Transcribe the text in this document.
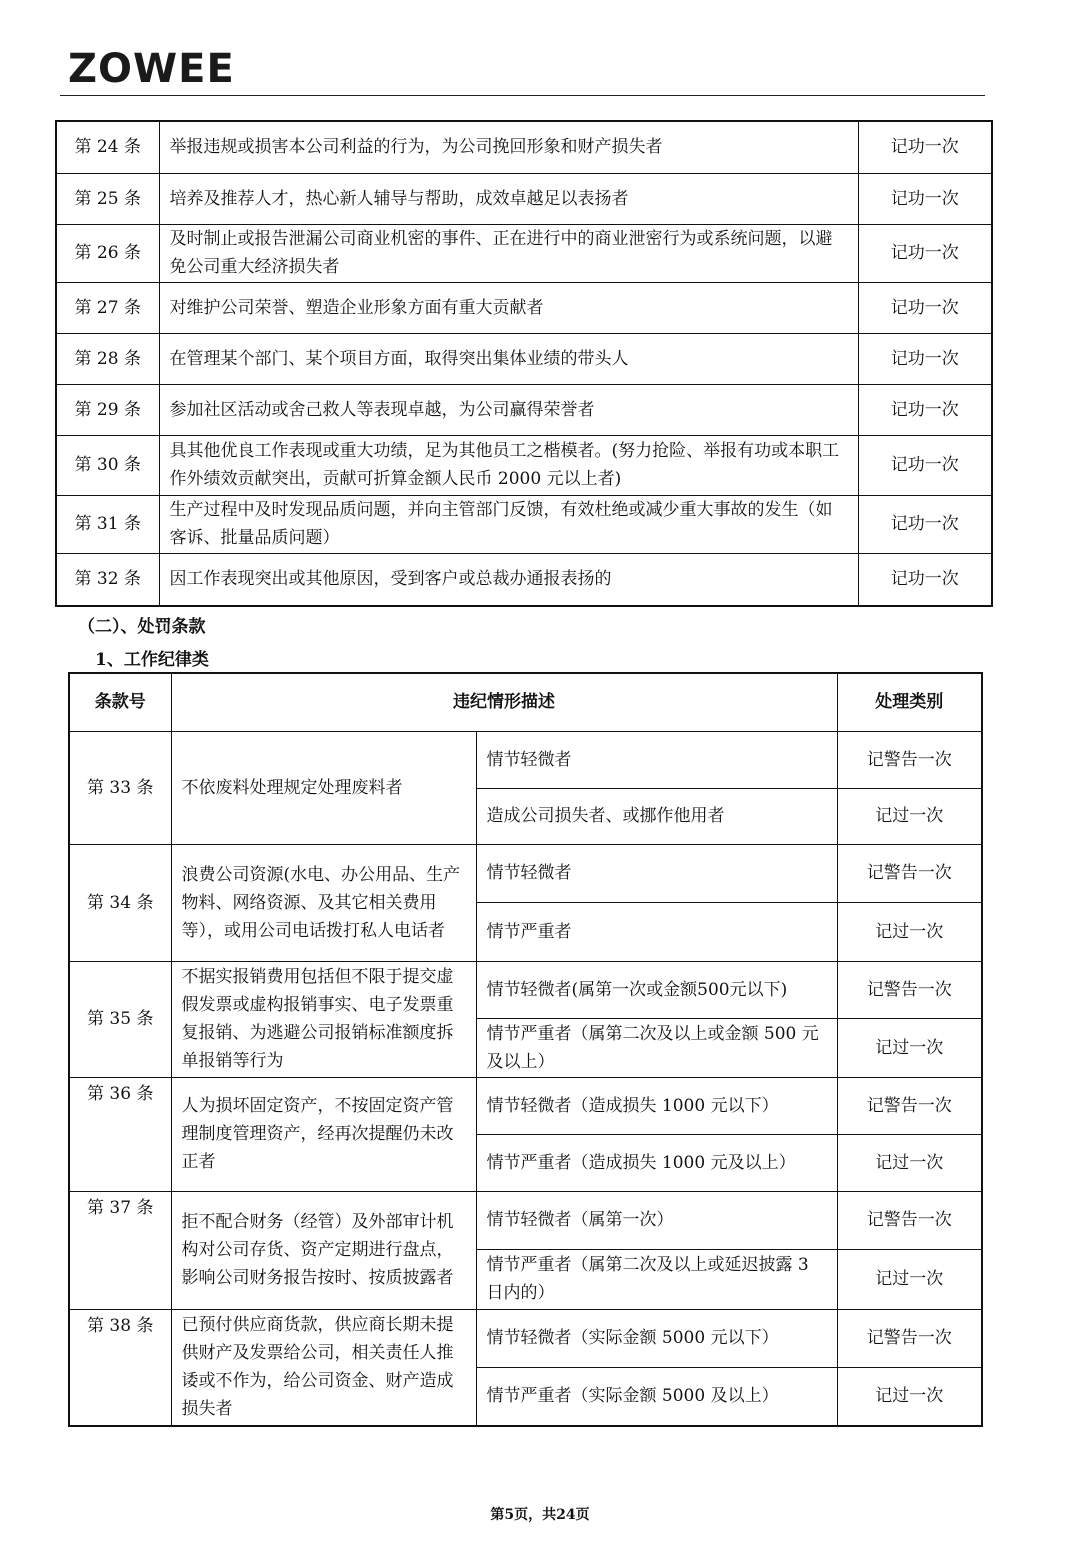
ZOWEE
第 24 条	举报违规或损害本公司利益的行为，为公司挽回形象和财产损失者	记功一次
第 25 条	培养及推荐人才，热心新人辅导与帮助，成效卓越足以表扬者	记功一次
第 26 条	及时制止或报告泄漏公司商业机密的事件、正在进行中的商业泄密行为或系统问题，以避免公司重大经济损失者	记功一次
第 27 条	对维护公司荣誉、塑造企业形象方面有重大贡献者	记功一次
第 28 条	在管理某个部门、某个项目方面，取得突出集体业绩的带头人	记功一次
第 29 条	参加社区活动或舍己救人等表现卓越，为公司赢得荣誉者	记功一次
第 30 条	具其他优良工作表现或重大功绩，足为其他员工之楷模者。(努力抢险、举报有功或本职工作外绩效贡献突出，贡献可折算金额人民币 2000 元以上者)	记功一次
第 31 条	生产过程中及时发现品质问题，并向主管部门反馈，有效杜绝或减少重大事故的发生（如客诉、批量品质问题）	记功一次
第 32 条	因工作表现突出或其他原因，受到客户或总裁办通报表扬的	记功一次
（二）、处罚条款
1、工作纪律类
条款号	违纪情形描述		处理类别
第 33 条	不依废料处理规定处理废料者	情节轻微者	记警告一次
		造成公司损失者、或挪作他用者	记过一次
第 34 条	浪费公司资源(水电、办公用品、生产物料、网络资源、及其它相关费用等），或用公司电话拨打私人电话者	情节轻微者	记警告一次
		情节严重者	记过一次
第 35 条	不据实报销费用包括但不限于提交虚假发票或虚构报销事实、电子发票重复报销、为逃避公司报销标准额度拆单报销等行为	情节轻微者(属第一次或金额500元以下)	记警告一次
		情节严重者（属第二次及以上或金额 500 元及以上）	记过一次
第 36 条	人为损坏固定资产，不按固定资产管理制度管理资产，经再次提醒仍未改正者	情节轻微者（造成损失 1000 元以下）	记警告一次
		情节严重者（造成损失 1000 元及以上）	记过一次
第 37 条	拒不配合财务（经管）及外部审计机构对公司存货、资产定期进行盘点，影响公司财务报告按时、按质披露者	情节轻微者（属第一次）	记警告一次
		情节严重者（属第二次及以上或延迟披露 3 日内的）	记过一次
第 38 条	已预付供应商货款，供应商长期未提供财产及发票给公司，相关责任人推诿或不作为，给公司资金、财产造成损失者	情节轻微者（实际金额 5000 元以下）	记警告一次
		情节严重者（实际金额 5000 及以上）	记过一次
第5页，共24页
